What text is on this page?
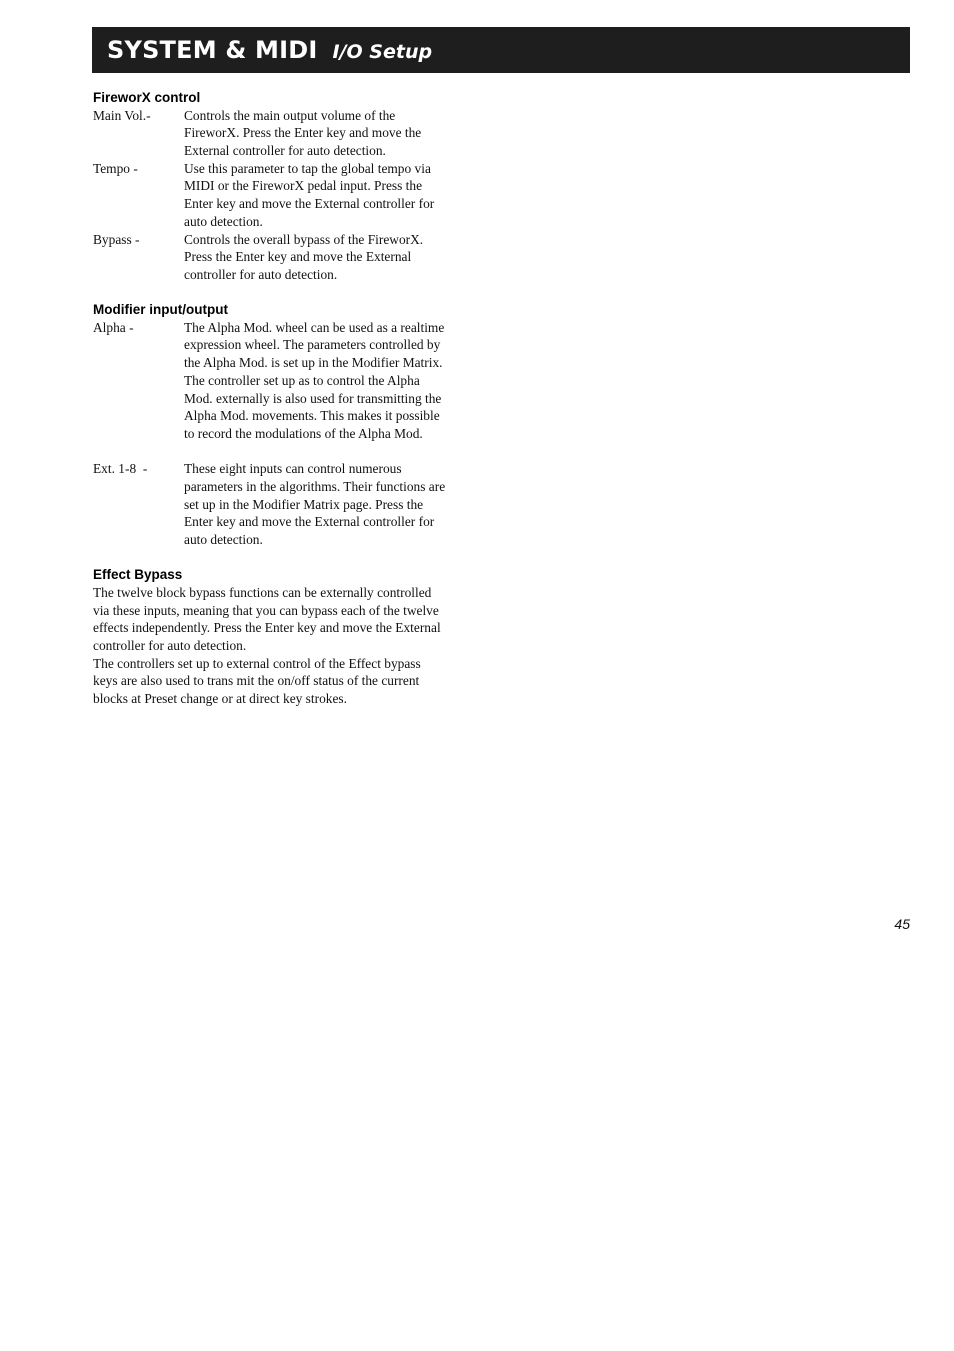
SYSTEM & MIDI I/O Setup
FireworX control
Main Vol.-	Controls the main output volume of the
FireworX. Press the Enter key and move the
External controller for auto detection.
Tempo -	Use this parameter to tap the global tempo via
MIDI or the FireworX pedal input. Press the
Enter key and move the External controller for
auto detection.
Bypass -	Controls the overall bypass of the FireworX.
Press the Enter key and move the External
controller for auto detection.
Modifier input/output
Alpha -	The Alpha Mod. wheel can be used as a realtime
expression wheel. The parameters controlled by
the Alpha Mod. is set up in the Modifier Matrix.
The controller set up as to control the Alpha
Mod. externally is also used for transmitting the
Alpha Mod. movements. This makes it possible
to record the modulations of the Alpha Mod.
Ext. 1-8  -	These eight inputs can control numerous
parameters in the algorithms. Their functions are
set up in the Modifier Matrix page. Press the
Enter key and move the External controller for
auto detection.
Effect Bypass
The twelve block bypass functions can be externally controlled
via these inputs, meaning that you can bypass each of the twelve
effects independently. Press the Enter key and move the External
controller for auto detection.
The controllers set up to external control of the Effect bypass
keys are also used to trans mit the on/off status of the current
blocks at Preset change or at direct key strokes.
45
